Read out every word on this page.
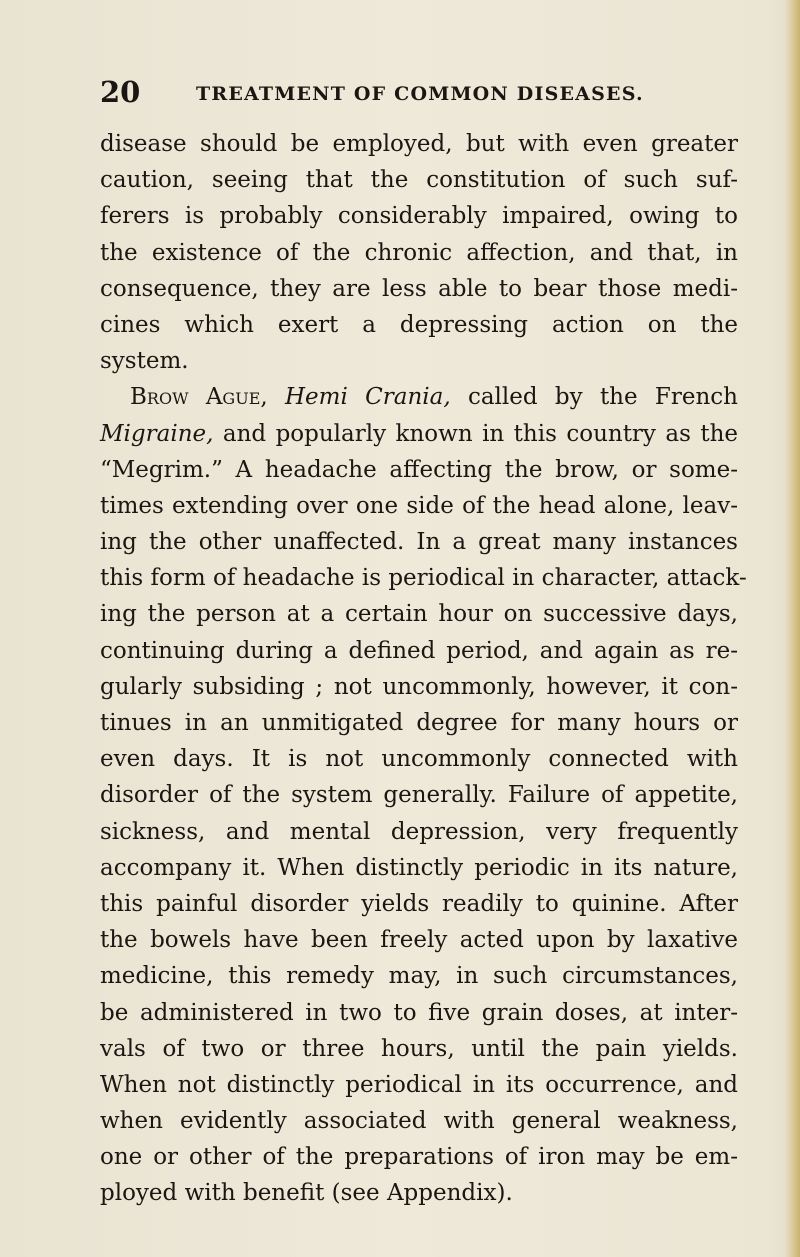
20	TREATMENT OF COMMON DISEASES.
disease should be employed, but with even greater
caution, seeing that the constitution of such suf-
ferers is probably considerably impaired, owing to
the existence of the chronic affection, and that, in
consequence, they are less able to bear those medi-
cines which exert a depressing action on the
system.
Brow Ague, Hemi Crania, called by the French
Migraine, and popularly known in this country as the
“Megrim.” A headache affecting the brow, or some-
times extending over one side of the head alone, leav-
ing the other unaffected. In a great many instances
this form of headache is periodical in character, attack-
ing the person at a certain hour on successive days,
continuing during a defined period, and again as re-
gularly subsiding ; not uncommonly, however, it con-
tinues in an unmitigated degree for many hours or
even days. It is not uncommonly connected with
disorder of the system generally. Failure of appetite,
sickness, and mental depression, very frequently
accompany it. When distinctly periodic in its nature,
this painful disorder yields readily to quinine. After
the bowels have been freely acted upon by laxative
medicine, this remedy may, in such circumstances,
be administered in two to five grain doses, at inter-
vals of two or three hours, until the pain yields.
When not distinctly periodical in its occurrence, and
when evidently associated with general weakness,
one or other of the preparations of iron may be em-
ployed with benefit (see Appendix).
